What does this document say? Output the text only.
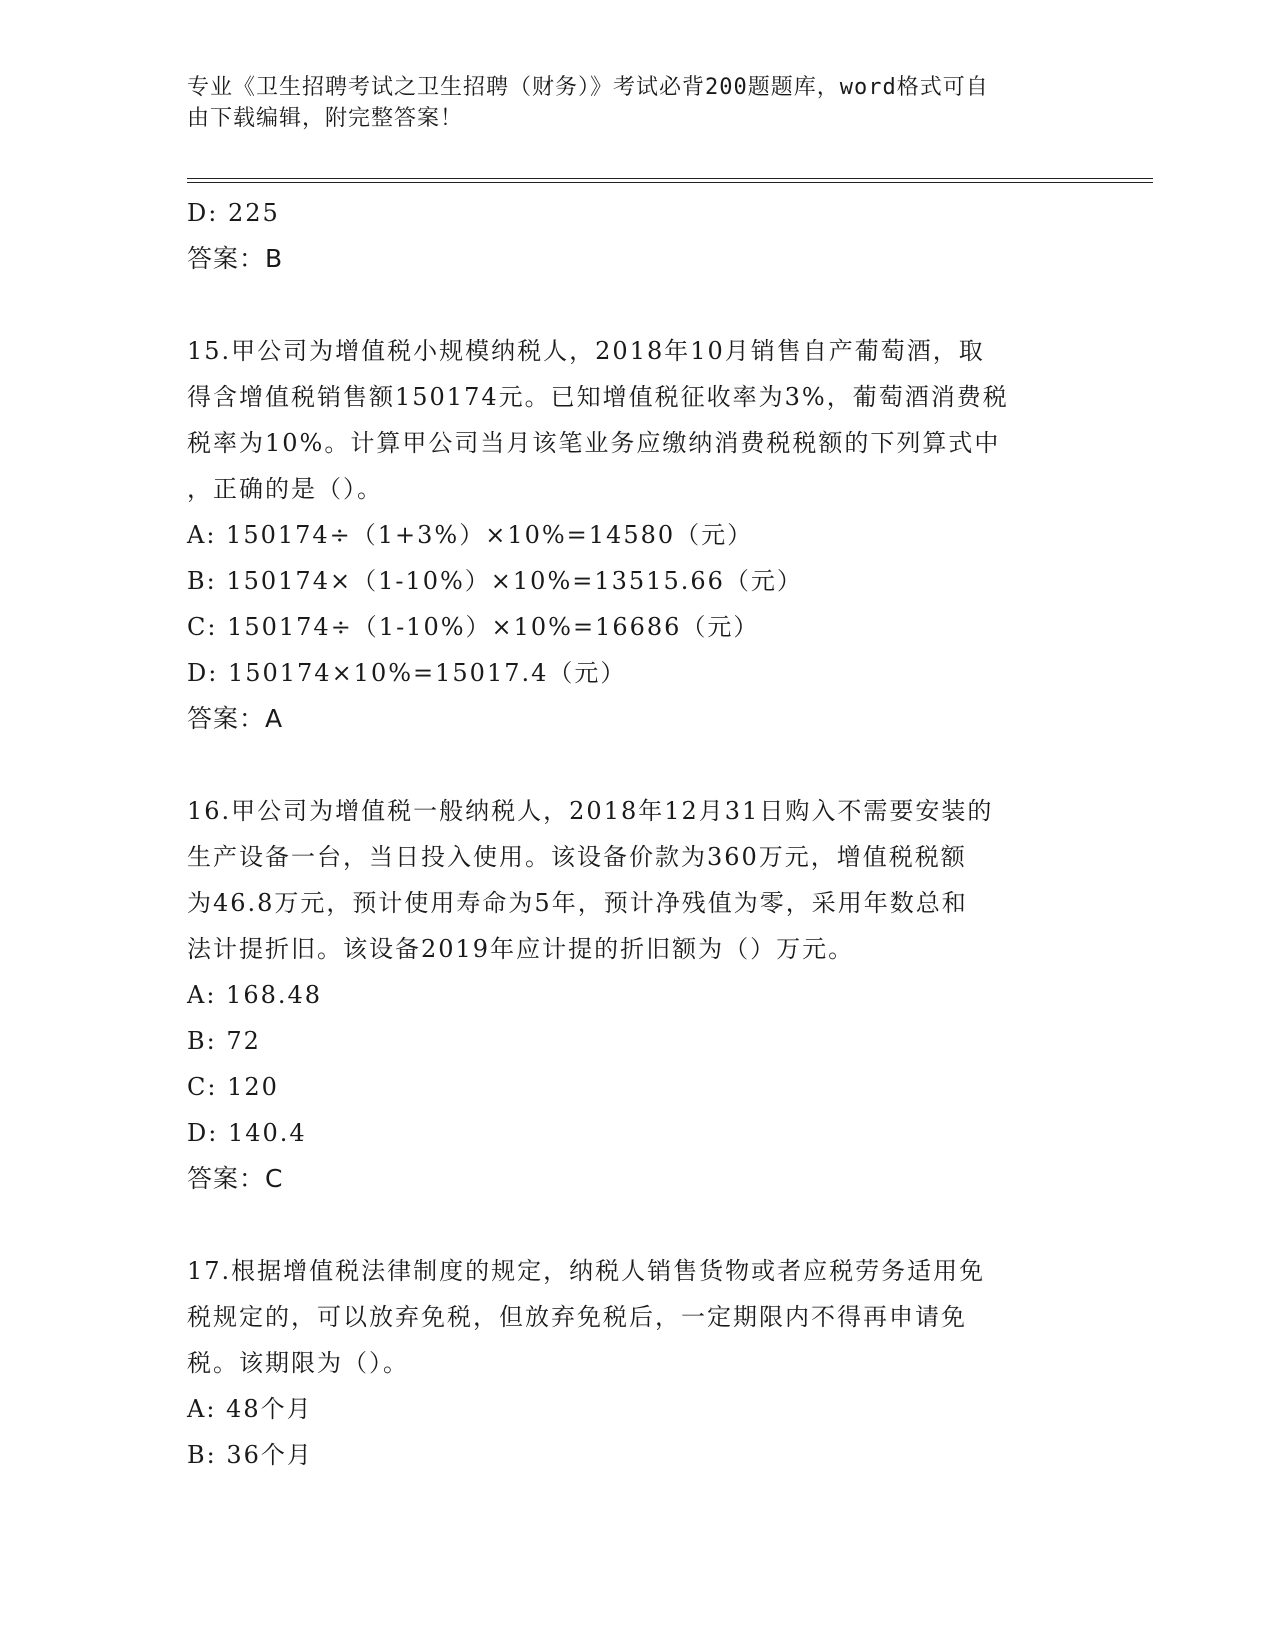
专业《卫生招聘考试之卫生招聘（财务）》考试必背200题题库，word格式可自
由下载编辑，附完整答案！
D: 225
答案：B
15.甲公司为增值税小规模纳税人，2018年10月销售自产葡萄酒，取
得含增值税销售额150174元。已知增值税征收率为3%，葡萄酒消费税
税率为10%。计算甲公司当月该笔业务应缴纳消费税税额的下列算式中
，正确的是（）。
A: 150174÷（1+3%）×10%=14580（元）
B: 150174×（1-10%）×10%=13515.66（元）
C: 150174÷（1-10%）×10%=16686（元）
D: 150174×10%=15017.4（元）
答案：A
16.甲公司为增值税一般纳税人，2018年12月31日购入不需要安装的
生产设备一台，当日投入使用。该设备价款为360万元，增值税税额
为46.8万元，预计使用寿命为5年，预计净残值为零，采用年数总和
法计提折旧。该设备2019年应计提的折旧额为（）万元。
A: 168.48
B: 72
C: 120
D: 140.4
答案：C
17.根据增值税法律制度的规定，纳税人销售货物或者应税劳务适用免
税规定的，可以放弃免税，但放弃免税后，一定期限内不得再申请免
税。该期限为（）。
A: 48个月
B: 36个月
